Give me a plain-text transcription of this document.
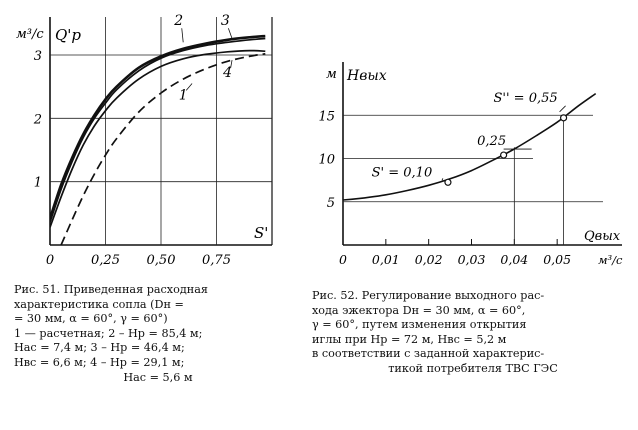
0	0,25 0,50 0,75
1
2
3
м³/с Q'р
S'
1
2	3
4
0 0,01 0,02 0,03 0,04 0,05
5
10
15
м Hвых
Qвых
м³/с
S' = 0,10
0,25
S'' = 0,55
Рис. 51. Приведенная расходная
характеристика сопла (Dн =
= 30 мм, α = 60°, γ = 60°)
1 — расчетная; 2 – Hр = 85,4 м;
Hас = 7,4 м; 3 – Hр = 46,4 м;
Hвс = 6,6 м; 4 – Hр = 29,1 м;
Hас = 5,6 м
Рис. 52. Регулирование выходного рас-
хода эжектора Dн = 30 мм, α = 60°,
γ = 60°, путем изменения открытия
иглы при Hр = 72 м, Hвс = 5,2 м
в соответствии с заданной характерис-
тикой потребителя ТВС ГЭС
